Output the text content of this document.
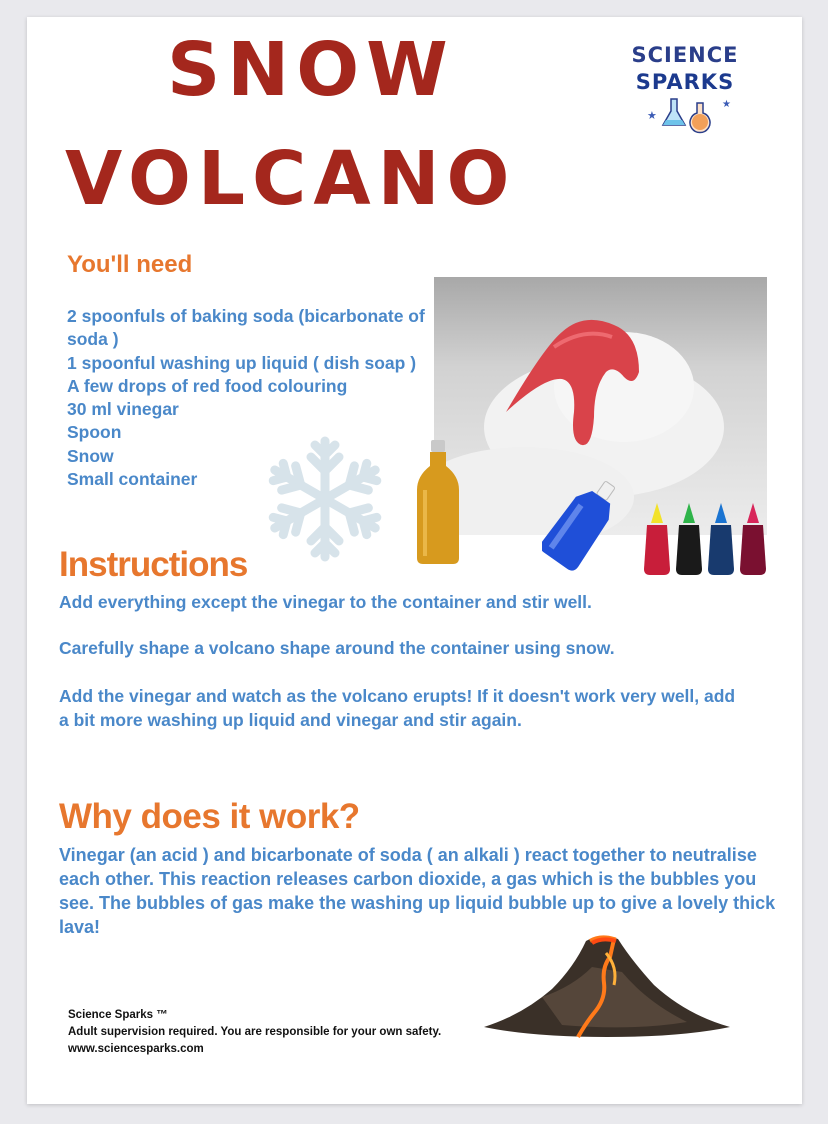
SNOW
VOLCANO
SCIENCE
SPARKS
★
★
You'll need
2 spoonfuls of baking soda (bicarbonate of soda )
1 spoonful washing up liquid ( dish soap )
A few drops of red food colouring
30 ml vinegar
Spoon
Snow
Small container
Instructions
Add everything except the vinegar to the container and stir well.
Carefully shape a volcano shape around the container using snow.
Add the vinegar and watch as the volcano erupts! If it doesn't work very well, add a bit more washing up liquid and vinegar and stir again.
Why does it work?
Vinegar (an acid ) and bicarbonate of soda ( an alkali ) react together to neutralise each other. This reaction releases carbon dioxide, a gas which is the bubbles you see. The bubbles of gas make the washing up liquid bubble up to give a lovely thick lava!
Science Sparks ™
Adult supervision required. You are responsible for your own safety.
www.sciencesparks.com
